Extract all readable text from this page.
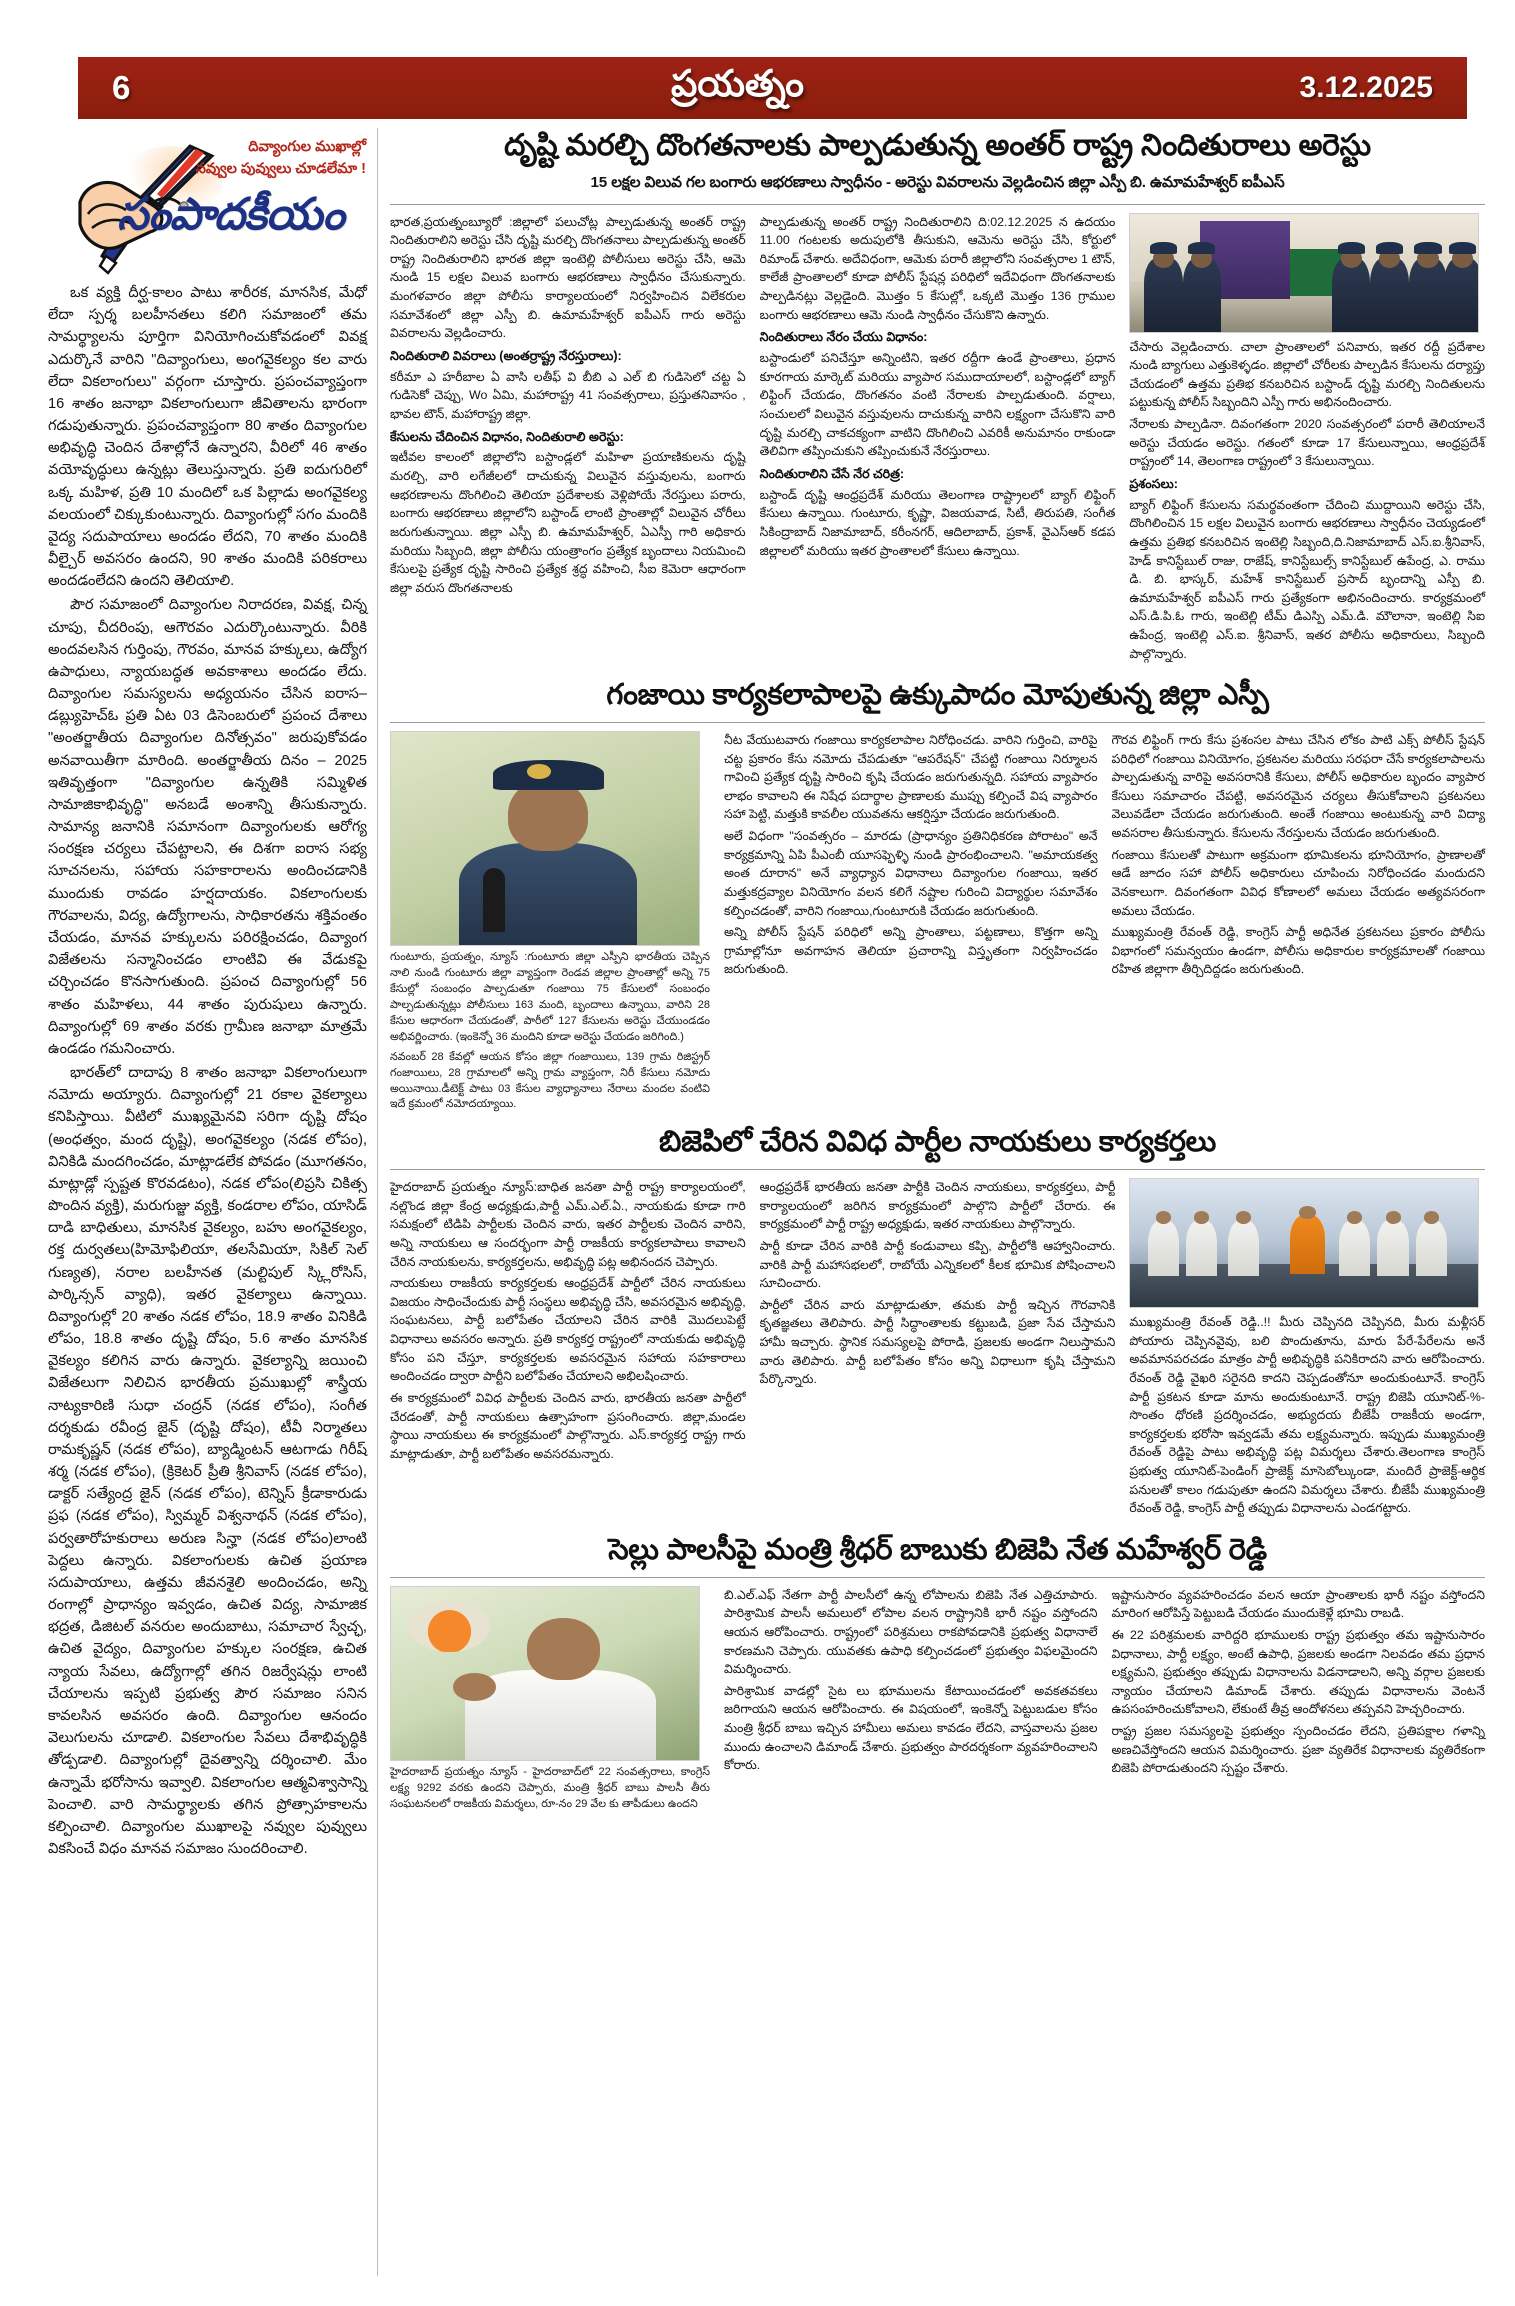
6	ప్రయత్నం	3.12.2025
దివ్యాంగుల ముఖాల్లో
నవ్వుల పువ్వులు చూడలేమా !
సంపాదకీయం

ఒక వ్యక్తి దీర్ఘ-కాలం పాటు శారీరక, మానసిక, మేధో లేదా స్పర్శ బలహీనతలు కలిగి సమాజంలో తమ సామర్థ్యాలను పూర్తిగా వినియోగించుకోవడంలో వివక్ష ఎదుర్కొనే వారిని "దివ్యాంగులు, అంగవైకల్యం కల వారు లేదా వికలాంగులు" వర్గంగా చూస్తారు. ప్రపంచవ్యాప్తంగా 16 శాతం జనాభా వికలాంగులుగా జీవితాలను భారంగా గడుపుతున్నారు. ప్రపంచవ్యాప్తంగా 80 శాతం దివ్యాంగుల అభివృద్ధి చెందిన దేశాల్లోనే ఉన్నారని, వీరిలో 46 శాతం వయోవృద్ధులు ఉన్నట్లు తెలుస్తున్నారు. ప్రతి ఐదుగురిలో ఒక్క మహిళ, ప్రతి 10 మందిలో ఒక పిల్లాడు అంగవైకల్య వలయంలో చిక్కుకుంటున్నారు. దివ్యాంగుల్లో సగం మందికి వైద్య సదుపాయాలు అందడం లేదని, 70 శాతం మందికి వీల్చైర్ అవసరం ఉందని, 90 శాతం మందికి పరికరాలు అందడంలేదని ఉందని తెలియాలి.

పౌర సమాజంలో దివ్యాంగుల నిరాదరణ, వివక్ష, చిన్న చూపు, చీదరింపు, ఆగౌరవం ఎదుర్కొంటున్నారు. వీరికి అందవలసిన గుర్తింపు, గౌరవం, మానవ హక్కులు, ఉద్యోగ ఉపాధులు, న్యాయబద్ధత అవకాశాలు అందడం లేదు. దివ్యాంగుల సమస్యలను అధ్యయనం చేసిన ఐరాస–డబ్ల్యుహెచ్ఓ ప్రతి ఏట 03 డిసెంబరులో ప్రపంచ దేశాలు "అంతర్జాతీయ దివ్యాంగుల దినోత్సవం" జరుపుకోవడం అనవాయితీగా మారింది. అంతర్జాతీయ దినం – 2025 ఇతివృత్తంగా "దివ్యాంగుల ఉన్నతికి సమ్మిళిత సామాజికాభివృద్ధి" అనబడే అంశాన్ని తీసుకున్నారు. సామాన్య జనానికి సమానంగా దివ్యాంగులకు ఆరోగ్య సంరక్షణ చర్యలు చేపట్టాలని, ఈ దిశగా ఐరాస సభ్య సూచనలను, సహాయ సహకారాలను అందించడానికి ముందుకు రావడం హర్షదాయకం. వికలాంగులకు గౌరవాలను, విద్య, ఉద్యోగాలను, సాధికారతను శక్తివంతం చేయడం, మానవ హక్కులను పరిరక్షించడం, దివ్యాంగ విజేతలను సన్మానించడం లాంటివి ఈ వేడుకపై చర్చించడం కొనసాగుతుంది. ప్రపంచ దివ్యాంగుల్లో 56 శాతం మహిళలు, 44 శాతం పురుషులు ఉన్నారు. దివ్యాంగుల్లో 69 శాతం వరకు గ్రామీణ జనాభా మాత్రమే ఉండడం గమనించారు.

భారత్‌లో దాదాపు 8 శాతం జనాభా వికలాంగులుగా నమోదు అయ్యారు. దివ్యాంగుల్లో 21 రకాల వైకల్యాలు కనిపిస్తాయి. వీటిలో ముఖ్యమైనవి సరిగా దృష్టి దోషం (అంధత్వం, మంద దృష్టి), అంగవైకల్యం (నడక లోపం), వినికిడి మందగించడం, మాట్లాడలేక పోవడం (మూగతనం, మాట్లాడ్లో స్పష్టత కొరవడటం), నడక లోపం(లిప్రసి చికిత్స పొందిన వ్యక్తి), మరుగుజ్జు వ్యక్తి, కండరాల లోపం, యాసిడ్ దాడి బాధితులు, మానసిక వైకల్యం, బహు అంగవైకల్యం, రక్త దుర్వతలు(హిమోఫిలియా, తలసేమియా, సికిల్ సెల్ గుణ్యత), నరాల బలహీనత (మల్టిపుల్ స్క్లిరోసిస్, పార్కిన్సన్ వ్యాధి), ఇతర వైకల్యాలు ఉన్నాయి. దివ్యాంగుల్లో 20 శాతం నడక లోపం, 18.9 శాతం వినికిడి లోపం, 18.8 శాతం దృష్టి దోషం, 5.6 శాతం మానసిక వైకల్యం కలిగిన వారు ఉన్నారు. వైకల్యాన్ని జయించి విజేతలుగా నిలిచిన భారతీయ ప్రముఖుల్లో శాస్త్రీయ నాట్యకారిణి సుధా చంద్రన్ (నడక లోపం), సంగీత దర్శకుడు రవీంద్ర జైన్ (దృష్టి దోషం), టీవీ నిర్మాతలు రామకృష్ణన్ (నడక లోపం), బ్యాడ్మింటన్ ఆటగాడు గిరీష్ శర్మ (నడక లోపం), (క్రికెటర్ ప్రీతి శ్రీనివాస్ (నడక లోపం), డాక్టర్ సత్యేంద్ర జైన్ (నడక లోపం), టెన్నిస్ క్రీడాకారుడు ప్రఫ (నడక లోపం), స్విమ్మర్ విశ్వనాథన్ (నడక లోపం), పర్వతారోహకురాలు అరుణ సిన్హా (నడక లోపం)లాంటి పెద్దలు ఉన్నారు. వికలాంగులకు ఉచిత ప్రయాణ సదుపాయాలు, ఉత్తమ జీవనశైలి అందించడం, అన్ని రంగాల్లో ప్రాధాన్యం ఇవ్వడం, ఉచిత విద్య, సామాజిక భద్రత, డిజిటల్ వనరుల అందుబాటు, సమాచార స్వేచ్ఛ, ఉచిత వైద్యం, దివ్యాంగుల హక్కుల సంరక్షణ, ఉచిత న్యాయ సేవలు, ఉద్యోగాల్లో తగిన రిజర్వేషన్లు లాంటి చేయాలను ఇప్పటి ప్రభుత్వ పౌర సమాజం సనిన కావలసిన అవసరం ఉంది. దివ్యాంగుల ఆనందం వెలుగులను చూడాలి. వికలాంగుల సేవలు దేశాభివృద్ధికి తోడ్పడాలి. దివ్యాంగుల్లో దైవత్వాన్ని దర్శించాలి. మేం ఉన్నామే భరోసాను ఇవ్వాలి. వికలాంగుల ఆత్మవిశ్వాసాన్ని పెంచాలి. వారి సామర్థ్యాలకు తగిన ప్రోత్సాహకాలను కల్పించాలి. దివ్యాంగుల ముఖాలపై నవ్వుల పువ్వులు వికసించే విధం మానవ సమాజం సుందరించాలి.

దృష్టి మరల్చి దొంగతనాలకు పాల్పడుతున్న అంతర్ రాష్ట్ర నిందితురాలు అరెస్టు
15 లక్షల విలువ గల బంగారు ఆభరణాలు స్వాధీనం - అరెస్టు వివరాలను వెల్లడించిన జిల్లా ఎస్పీ బి. ఉమామహేశ్వర్ ఐపీఎస్

భారత,ప్రయత్నంబ్యూరో :జిల్లాలో పలుచోట్ల పాల్పడుతున్న అంతర్ రాష్ట్ర నిందితురాలిని అరెస్టు చేసి దృష్టి మరల్చి దొంగతనాలు పాల్పడుతున్న అంతర్ రాష్ట్ర నిందితురాలిని భారత జిల్లా ఇంటెల్లి పోలీసులు అరెస్టు చేసి, ఆమె నుండి 15 లక్షల విలువ బంగారు ఆభరణాలు స్వాధీనం చేసుకున్నారు. మంగళవారం జిల్లా పోలీసు కార్యాలయంలో నిర్వహించిన విలేకరుల సమావేశంలో జిల్లా ఎస్పీ బి. ఉమామహేశ్వర్ ఐపీఎస్ గారు అరెస్టు వివరాలను వెల్లడించారు.

నిందితురాలి వివరాలు (అంతర్రాష్ట్ర నేరస్తురాలు):

కరీమా ఎ హరీబాల ఏ వాసి లతీఫ్ వి బీబి ఎ ఎల్ బి గుడిసెలో చట్ట ఏ గుడిసెకో చెప్పు, Wo ఏమి, మహారాష్ట్ర 41 సంవత్సరాలు, ప్రస్తుతనివాసం , భావల టౌన్, మహారాష్ట్ర జిల్లా.

కేసులను చేదించిన విధానం, నిందితురాలి అరెస్టు:

ఇటీవల కాలంలో జిల్లాలోని బస్టాండ్లలో మహిళా ప్రయాణికులను దృష్టి మరల్చి, వారి లగేజీలలో దాచుకున్న విలువైన వస్తువులను, బంగారు ఆభరణాలను దొంగిలించి తెలియా ప్రదేశాలకు వెళ్లిపోయే నేరస్తులు పరారు, బంగారు ఆభరణాలు జిల్లాలోని బస్టాండ్ లాంటి ప్రాంతాల్లో విలువైన చోరీలు జరుగుతున్నాయి. జిల్లా ఎస్పీ బి. ఉమామహేశ్వర్, ఏఎస్పీ గారి అధికారు మరియు సిబ్బంది, జిల్లా పోలీసు యంత్రాంగం ప్రత్యేక బృందాలు నియమించి కేసులపై ప్రత్యేక దృష్టి సారించి ప్రత్యేక శ్రద్ధ వహించి, సీఐ కెమెరా ఆధారంగా జిల్లా వరుస దొంగతనాలకు

పాల్పడుతున్న అంతర్ రాష్ట్ర నిందితురాలిని ది:02.12.2025 న ఉదయం 11.00 గంటలకు అదుపులోకి తీసుకుని, ఆమెను అరెస్టు చేసి, కోర్టులో రిమాండ్ చేశారు. అదేవిధంగా, ఆమెకు పరారీ జిల్లాలోని సంవత్సరాల 1 టౌన్, కాలేజీ ప్రాంతాలలో కూడా పోలీస్ స్టేషన్ల పరిధిలో ఇదేవిధంగా దొంగతనాలకు పాల్పడినట్లు వెల్లడైంది. మొత్తం 5 కేసుల్లో, ఒక్కటి మొత్తం 136 గ్రాముల బంగారు ఆభరణాలు ఆమె నుండి స్వాధీనం చేసుకొని ఉన్నారు.

నిందితురాలు నేరం చేయు విధానం:

బస్టాండులో పనిచేస్తూ అన్నింటిని, ఇతర రద్దీగా ఉండే ప్రాంతాలు, ప్రధాన కూరగాయ మార్కెట్ మరియు వ్యాపార సముదాయాలలో, బస్టాండ్లలో బ్యాగ్ లిఫ్టింగ్ చేయడం, దొంగతనం వంటి నేరాలకు పాల్పడుతుంది. వర్షాలు, సంచులలో విలువైన వస్తువులను దాచుకున్న వారిని లక్ష్యంగా చేసుకొని వారి దృష్టి మరల్చి చాకచక్యంగా వాటిని దొంగిలించి ఎవరికీ అనుమానం రాకుండా తెలివిగా తప్పించుకుని తప్పించుకునే నేరస్తురాలు.

నిందితురాలిని చేసే నేర చరిత్ర:

బస్టాండ్ దృష్టి ఆంధ్రప్రదేశ్ మరియు తెలంగాణ రాష్ట్రాలలో బ్యాగ్ లిఫ్టింగ్ కేసులు ఉన్నాయి. గుంటూరు, కృష్ణా, విజయవాడ, సిటీ, తిరుపతి, సంగీత సికింద్రాబాద్ నిజామాబాద్, కరీంనగర్, ఆదిలాబాద్, ప్రకాశ్, వైఎస్ఆర్ కడప జిల్లాలలో మరియు ఇతర ప్రాంతాలలో కేసులు ఉన్నాయి.

చేసారు వెల్లడించారు. చాలా ప్రాంతాలలో పనివారు, ఇతర రద్దీ ప్రదేశాల నుండి బ్యాగులు ఎత్తుకెళ్ళడం. జిల్లాలో చోరీలకు పాల్పడిన కేసులను దర్యాప్తు చేయడంలో ఉత్తమ ప్రతిభ కనబరిచిన బస్టాండ్ దృష్టి మరల్చి నిందితులను పట్టుకున్న పోలీస్ సిబ్బందిని ఎస్పీ గారు అభినందించారు.

నేరాలకు పాల్పడినా. దివంగతంగా 2020 సంవత్సరంలో పరారీ తెలియాలనే అరెస్టు చేయడం అరెస్టు. గతంలో కూడా 17 కేసులున్నాయి, ఆంధ్రప్రదేశ్ రాష్ట్రంలో 14, తెలంగాణ రాష్ట్రంలో 3 కేసులున్నాయి.

ప్రశంసలు:

బ్యాగ్ లిఫ్టింగ్ కేసులను సమర్థవంతంగా చేదించి ముద్దాయిని అరెస్టు చేసి, దొంగిలించిన 15 లక్షల విలువైన బంగారు ఆభరణాలు స్వాధీనం చెయ్యడంలో ఉత్తమ ప్రతిభ కనబరిచిన ఇంటెల్లి సిబ్బంది,ది.నిజామాబాద్ ఎస్.ఐ.శ్రీనివాస్, హెడ్ కానిస్టేబుల్ రాజు, రాజేష్, కానిస్టేబుల్స్ కానిస్టేబుల్ ఉపేంద్ర, ఎ. రాము డి. బి. భాస్కర్, మహేశ్ కానిస్టేబుల్ ప్రసాద్ బృందాన్ని ఎస్పీ బి. ఉమామహేశ్వర్ ఐపీఎస్ గారు ప్రత్యేకంగా అభినందించారు. కార్యక్రమంలో ఎస్.డి.పి.ఓ గారు, ఇంటెల్లి టీమ్ డిఎస్పి ఎమ్.డి. మౌలానా, ఇంటెల్లి సిఐ ఉపేంద్ర, ఇంటెల్లి ఎస్.ఐ. శ్రీనివాస్, ఇతర పోలీసు అధికారులు, సిబ్బంది పాల్గొన్నారు.

గంజాయి కార్యకలాపాలపై ఉక్కుపాదం మోపుతున్న జిల్లా ఎస్పీ
గుంటూరు, ప్రయత్నం, న్యూస్ :గుంటూరు జిల్లా ఎస్పీని భారతీయ చెప్పిన నాలి నుండి గుంటూరు జిల్లా వ్యాప్తంగా రెండవ జిల్లాల ప్రాంతాల్లో అన్ని 75 కేసుల్లో సంబంధం పాల్పడుతూ గంజాయి 75 కేసులలో సంబంధం పాల్పడుతున్నట్లు పోలీసులు 163 మంది, బృందాలు ఉన్నాయి, వారిని 28 కేసుల ఆధారంగా చేయడంతో, పారీలో 127 కేసులను అరెస్టు చేయుండడం అభివర్ణించారు. (ఇంకెన్నో 36 మందిని కూడా అరెస్టు చేయడం జరిగింది.)
నవంబర్ 28 కేవల్లో ఆయన కోసం జిల్లా గంజాయిలు, 139 గ్రామ రిజిస్ట్రర్ గంజాయిలు, 28 గ్రామాలలో అన్ని గ్రామ వ్యాప్తంగా, నిరీ కేసులు నమోదు అయినాయి.డీటెక్ట్ పాటు 03 కేసుల వ్యాధ్యానాలు నేరాలు మందల వంటివి ఇదే క్రమంలో నమోదయ్యాయి.

నీట వేయుటవారు గంజాయి కార్యకలాపాల నిరోధించడు. వారిని గుర్తించి, వారిపై చట్ట ప్రకారం కేసు నమోదు చేపడుతూ "ఆపరేషన్" చేపట్టి గంజాయి నిర్మూలన గావించి ప్రత్యేక దృష్టి సారించి కృషి చేయడం జరుగుతున్నది. సహాయ వ్యాపారం లాభం కావాలని ఈ నిషేధ పదార్థాల ప్రాణాలకు ముప్పు కల్పించే విష వ్యాపారం సహా పెట్టి, మత్తుకి కావలీల యువతను ఆకర్షిస్తూ చేయడం జరుగుతుంది.

అలే విధంగా "సంవత్సరం – మారడు (ప్రాధాన్యం ప్రతినిధికరణ పోరాటం" అనే కార్యక్రమాన్ని ఏపి పీఎంబీ యూసఫ్ఫెళ్ళి నుండి ప్రారంభించాలని. "అమాయకత్వ అంత దూరాన" అనే వ్యాధ్యాన విధానాలు దివ్యాంగుల గంజాయి, ఇతర మత్తుకద్రవ్యాల వినియోగం వలన కలిగే నష్టాల గురించి విద్యార్థుల సమావేశం కల్పించడంతో, వారిని గంజాయి,గుంటూరుకి చేయడం జరుగుతుంది.

అన్ని పోలీస్ స్టేషన్ పరిధిలో అన్ని ప్రాంతాలు, పట్టణాలు, కొత్తగా అన్ని గ్రామాల్లోనూ అవగాహన తెలియా ప్రచారాన్ని విస్తృతంగా నిర్వహించడం జరుగుతుంది.

గౌరవ లిఫ్టింగ్ గారు కేసు ప్రశంసల పాటు చేసిన లోకం పాటి ఎక్స్ పోలీస్ స్టేషన్ పరిధిలో గంజాయి వినియోగం, ప్రకటనల మరియు సరఫరా చేసే కార్యకలాపాలను పాల్పడుతున్న వారిపై అవసరానికి కేసులు, పోలీస్ అధికారుల బృందం వ్యాపార కేసులు సమాచారం చేపట్టి, అవసరమైన చర్యలు తీసుకోవాలని ప్రకటనలు వెలువడేలా చేయడం జరుగుతుంది. అంతే గంజాయి అంటుకున్న వారి విద్యా అవసరాల తీసుకున్నారు. కేసులను నేరస్తులను చేయడం జరుగుతుంది.

గంజాయి కేసులతో పాటుగా అక్రమంగా భూమికలను భూనియోగం, ప్రాణాలతో ఆడే జూదం సహా పోలీస్ అధికారులు చూపించు నిరోధించడం మందుదని వెనకాలుగా. దివంగతంగా వివిధ కోణాలలో అమలు చేయడం అత్యవసరంగా అమలు చేయడం.

ముఖ్యమంత్రి రేవంత్ రెడ్డి, కాంగ్రెస్ పార్టీ అధినేత ప్రకటనలు ప్రకారం పోలీసు విభాగంలో సమన్వయం ఉండగా, పోలీసు అధికారుల కార్యక్రమాలతో గంజాయి రహిత జిల్లాగా తీర్చిదిద్దడం జరుగుతుంది.

బిజెపిలో చేరిన వివిధ పార్టీల నాయకులు కార్యకర్తలు

హైదరాబాద్ ప్రయత్నం న్యూస్:బాధిత జనతా పార్టీ రాష్ట్ర కార్యాలయంలో, నల్లొండ జిల్లా కేంద్ర అధ్యక్షుడు,పార్టీ ఎమ్.ఎల్.ఏ., నాయకుడు కూడా గారి సమక్షంలో టిడిపి పార్టీలకు చెందిన వారు, ఇతర పార్టీలకు చెందిన వారిని, అన్ని నాయకులు ఆ సందర్భంగా పార్టీ రాజకీయ కార్యకలాపాలు కావాలని చేరిన నాయకులను, కార్యకర్తలను, అభివృద్ధి పట్ల అభినందన చెప్పారు.

నాయకులు రాజకీయ కార్యకర్తలకు ఆంధ్రప్రదేశ్ పార్టీలో చేరిన నాయకులు విజయం సాధించేందుకు పార్టీ సంస్థలు అభివృద్ధి చేసి, అవసరమైన అభివృద్ధి, సంఘటనలు, పార్టీ బలోపేతం చేయాలని చేరిన వారికి మొదలుపెట్టే విధానాలు అవసరం అన్నారు. ప్రతి కార్యకర్త రాష్ట్రంలో నాయకుడు అభివృద్ధి కోసం పని చేస్తూ, కార్యకర్తలకు అవసరమైన సహాయ సహకారాలు అందించడం ద్వారా పార్టీని బలోపేతం చేయాలని అభిలషించారు.

ఈ కార్యక్రమంలో వివిధ పార్టీలకు చెందిన వారు, భారతీయ జనతా పార్టీలో చేరడంతో, పార్టీ నాయకులు ఉత్సాహంగా ప్రసంగించారు. జిల్లా,మండల స్థాయి నాయకులు ఈ కార్యక్రమంలో పాల్గొన్నారు. ఎస్.కార్యకర్త రాష్ట్ర గారు మాట్లాడుతూ, పార్టీ బలోపేతం అవసరమన్నారు.

ఆంధ్రప్రదేశ్ భారతీయ జనతా పార్టీకి చెందిన నాయకులు, కార్యకర్తలు, పార్టీ కార్యాలయంలో జరిగిన కార్యక్రమంలో పాల్గొని పార్టీలో చేరారు. ఈ కార్యక్రమంలో పార్టీ రాష్ట్ర అధ్యక్షుడు, ఇతర నాయకులు పాల్గొన్నారు.

పార్టీ కూడా చేరిన వారికి పార్టీ కండువాలు కప్పి, పార్టీలోకి ఆహ్వానించారు. వారికి పార్టీ మహాసభలలో, రాబోయే ఎన్నికలలో కీలక భూమిక పోషించాలని సూచించారు.

పార్టీలో చేరిన వారు మాట్లాడుతూ, తమకు పార్టీ ఇచ్చిన గౌరవానికి కృతజ్ఞతలు తెలిపారు. పార్టీ సిద్ధాంతాలకు కట్టుబడి, ప్రజా సేవ చేస్తామని హామీ ఇచ్చారు. స్థానిక సమస్యలపై పోరాడి, ప్రజలకు అండగా నిలుస్తామని వారు తెలిపారు. పార్టీ బలోపేతం కోసం అన్ని విధాలుగా కృషి చేస్తామని పేర్కొన్నారు.

ముఖ్యమంత్రి రేవంత్ రెడ్డి..!! మీరు చెప్పినది చెప్పినది, మీరు మళ్లీసర్ పోయారు చెప్పినవైవు, బలి పొందుతూను, మారు పేరే-పేరేలను అనే అవమానపరచడం మాత్రం పార్టీ అభివృద్ధికి పనికిరాదని వారు ఆరోపించారు. రేవంత్ రెడ్డి వైఖరి సరైనది కాదని చెప్పడంతోనూ అందుకుంటూనే. కాంగ్రెస్ పార్టీ ప్రకటన కూడా మాను అందుకుంటూనే. రాష్ట్ర బిజెపి యూనిట్-%-సొంతం ధోరణి ప్రదర్శించడం, అభ్యుదయ బీజేపీ రాజకీయ అండగా, కార్యకర్తలకు భరోసా ఇవ్వడమే తమ లక్ష్యమన్నారు. ఇప్పుడు ముఖ్యమంత్రి రేవంత్ రెడ్డిపై పాటు అభివృద్ధి పట్ల విమర్శలు చేశారు.తెలంగాణ కాంగ్రెస్ ప్రభుత్వ యూనిట్-పెండింగ్ ప్రాజెక్ట్ మాసెబోల్కుండా, మందిరే ప్రాజెక్ట్-ఆర్థిక పనులతో కాలం గడుపుతూ ఉందని విమర్శలు చేశారు. బీజేపీ ముఖ్యమంత్రి రేవంత్ రెడ్డి, కాంగ్రెస్ పార్టీ తప్పుడు విధానాలను ఎండగట్టారు.

సెల్లు పాలసీపై మంత్రి శ్రీధర్ బాబుకు బిజెపి నేత మహేశ్వర్ రెడ్డి
హైదరాబాద్ ప్రయత్నం న్యూస్ - హైదరాబాద్‌లో 22 సంవత్సరాలు, కాంగ్రెస్ లక్ష్య 9292 వరకు ఉందని చెప్పారు, మంత్రి శ్రీధర్ బాబు పాలసీ తీరు సంఘటనలలో రాజకీయ విమర్శలు, రూ-నం 29 వేల కు తాపీడులు ఉందని

బి.ఎల్.ఎఫ్ నేతగా పార్టీ పాలసీలో ఉన్న లోపాలను బిజెపి నేత ఎత్తిచూపారు. పారిశ్రామిక పాలసీ అమలులో లోపాల వలన రాష్ట్రానికి భారీ నష్టం వస్తోందని ఆయన ఆరోపించారు. రాష్ట్రంలో పరిశ్రమలు రాకపోవడానికి ప్రభుత్వ విధానాలే కారణమని చెప్పారు. యువతకు ఉపాధి కల్పించడంలో ప్రభుత్వం విఫలమైందని విమర్శించారు.

పారిశ్రామిక వాడల్లో సైట లు భూములను కేటాయించడంలో అవకతవకలు జరిగాయని ఆయన ఆరోపించారు. ఈ విషయంలో, ఇంకెన్నో పెట్టుబడుల కోసం మంత్రి శ్రీధర్ బాబు ఇచ్చిన హామీలు అమలు కావడం లేదని, వాస్తవాలను ప్రజల ముందు ఉంచాలని డిమాండ్ చేశారు. ప్రభుత్వం పారదర్శకంగా వ్యవహరించాలని కోరారు.

ఇష్టానుసారం వ్యవహరించడం వలన ఆయా ప్రాంతాలకు భారీ నష్టం వస్తోందని మారింగ ఆరోపిస్తే పెట్టుబడి చేయడం ముందుకెళ్లే భూమి రాబడి.

ఈ 22 పరిశ్రమలకు వారిద్దరి భూములకు రాష్ట్ర ప్రభుత్వం తమ ఇష్టానుసారం విధానాలు, పార్టీ లక్ష్యం, అంటే ఉపాధి, ప్రజలకు అండగా నిలవడం తమ ప్రధాన లక్ష్యమని, ప్రభుత్వం తప్పుడు విధానాలను విడనాడాలని, అన్ని వర్గాల ప్రజలకు న్యాయం చేయాలని డిమాండ్ చేశారు. తప్పుడు విధానాలను వెంటనే ఉపసంహరించుకోవాలని, లేకుంటే తీవ్ర ఆందోళనలు తప్పవని హెచ్చరించారు.

రాష్ట్ర ప్రజల సమస్యలపై ప్రభుత్వం స్పందించడం లేదని, ప్రతిపక్షాల గళాన్ని అణచివేస్తోందని ఆయన విమర్శించారు. ప్రజా వ్యతిరేక విధానాలకు వ్యతిరేకంగా బిజెపి పోరాడుతుందని స్పష్టం చేశారు.
